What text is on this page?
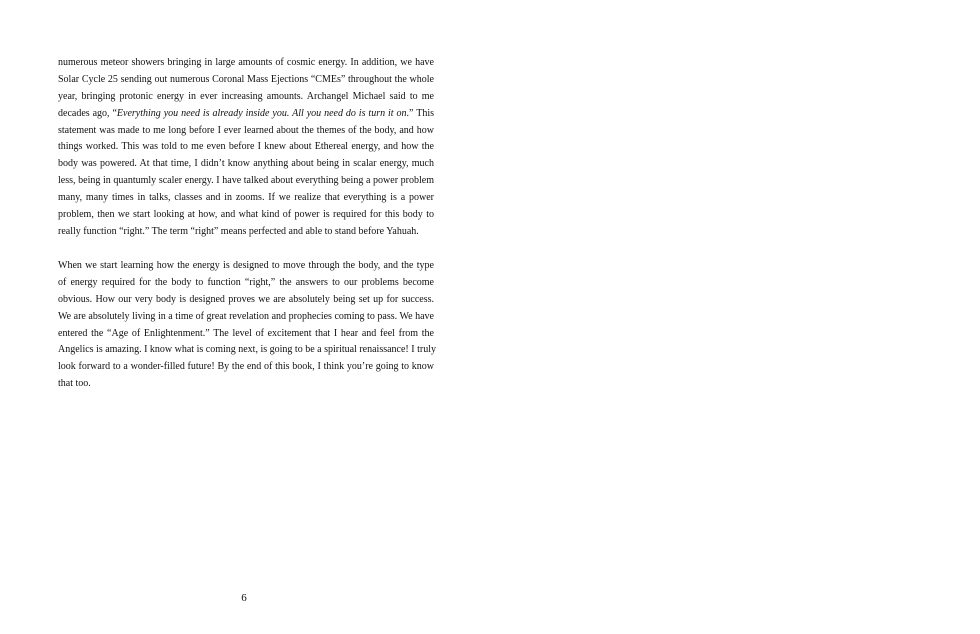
numerous meteor showers bringing in large amounts of cosmic energy. In addition, we have
Solar Cycle 25 sending out numerous Coronal Mass Ejections “CMEs” throughout the whole
year, bringing protonic energy in ever increasing amounts. Archangel Michael said to me
decades ago, “Everything you need is already inside you. All you need do is turn it on.” This
statement was made to me long before I ever learned about the themes of the body, and how
things worked. This was told to me even before I knew about Ethereal energy, and how the
body was powered. At that time, I didn’t know anything about being in scalar energy, much
less, being in quantumly scaler energy. I have talked about everything being a power problem
many, many times in talks, classes and in zooms. If we realize that everything is a power
problem, then we start looking at how, and what kind of power is required for this body to
really function “right.” The term “right” means perfected and able to stand before Yahuah.
When we start learning how the energy is designed to move through the body, and the type
of energy required for the body to function “right,” the answers to our problems become
obvious. How our very body is designed proves we are absolutely being set up for success.
We are absolutely living in a time of great revelation and prophecies coming to pass. We have
entered the “Age of Enlightenment.” The level of excitement that I hear and feel from the
Angelics is amazing. I know what is coming next, is going to be a spiritual renaissance! I truly
look forward to a wonder-filled future! By the end of this book, I think you’re going to know
that too.
6
